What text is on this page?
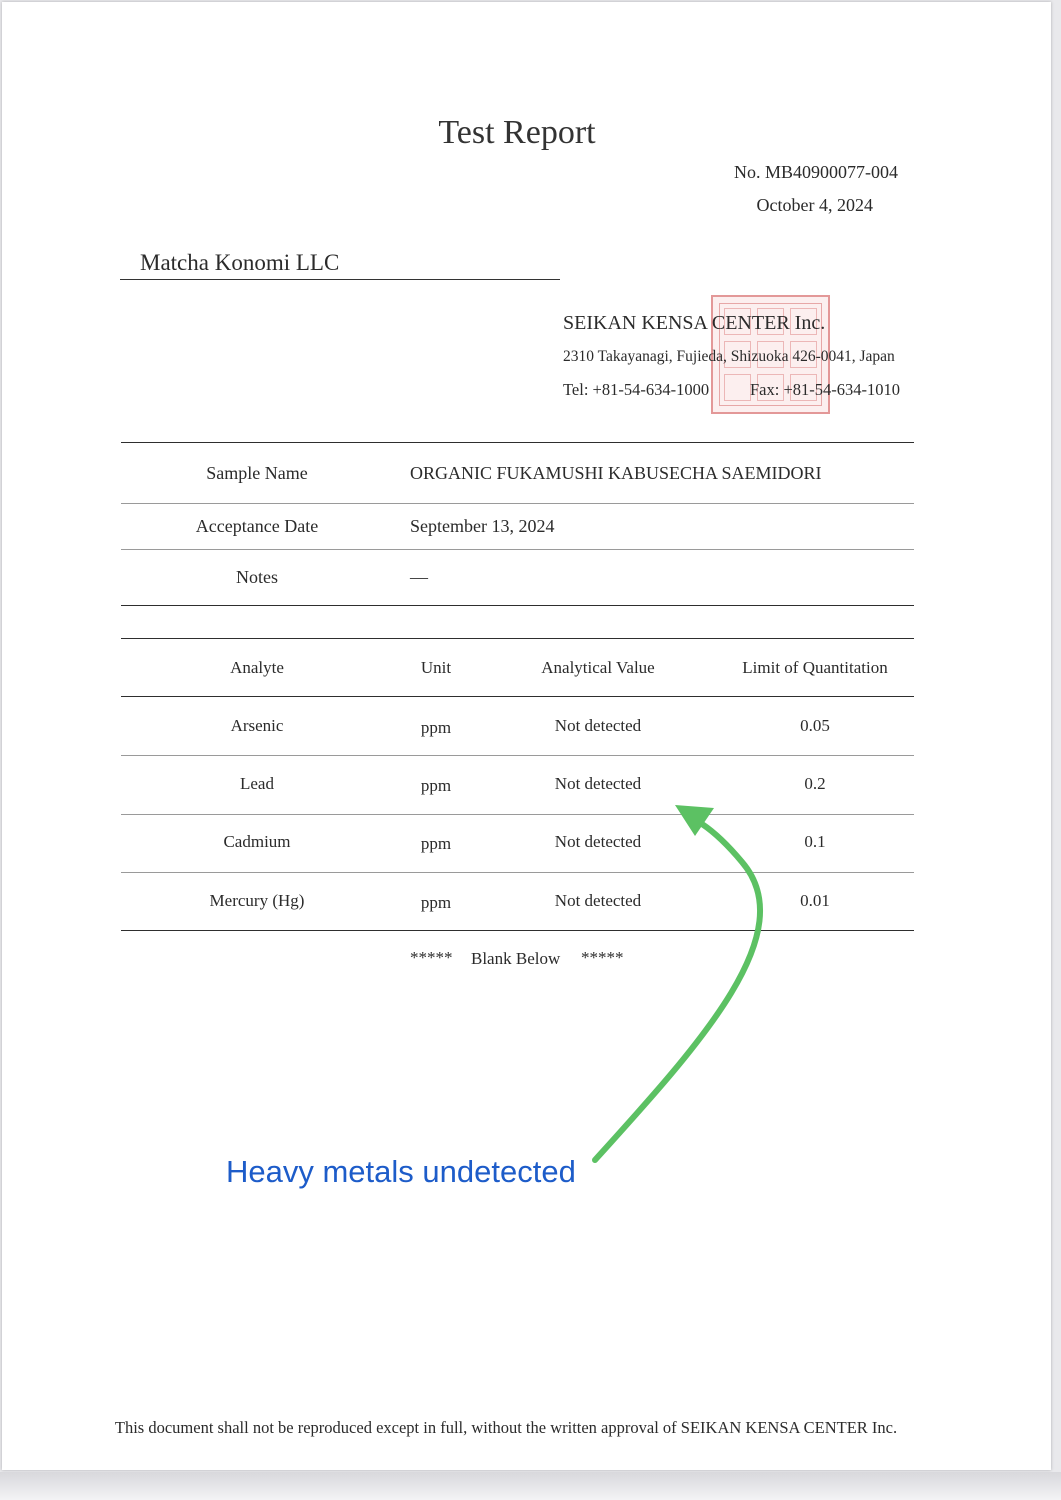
Test Report
No. MB40900077-004
October 4, 2024
Matcha Konomi LLC
SEIKAN KENSA CENTER Inc.
2310 Takayanagi, Fujieda, Shizuoka 426-0041, Japan
Tel: +81-54-634-1000 Fax: +81-54-634-1010
Sample Name	ORGANIC FUKAMUSHI KABUSECHA SAEMIDORI
Acceptance Date	September 13, 2024
Notes	—
Analyte	Unit	Analytical Value	Limit of Quantitation
Arsenic	ppm	Not detected	0.05
Lead	ppm	Not detected	0.2
Cadmium	ppm	Not detected	0.1
Mercury (Hg)	ppm	Not detected	0.01
***** Blank Below *****
Heavy metals undetected
This document shall not be reproduced except in full, without the written approval of SEIKAN KENSA CENTER Inc.
